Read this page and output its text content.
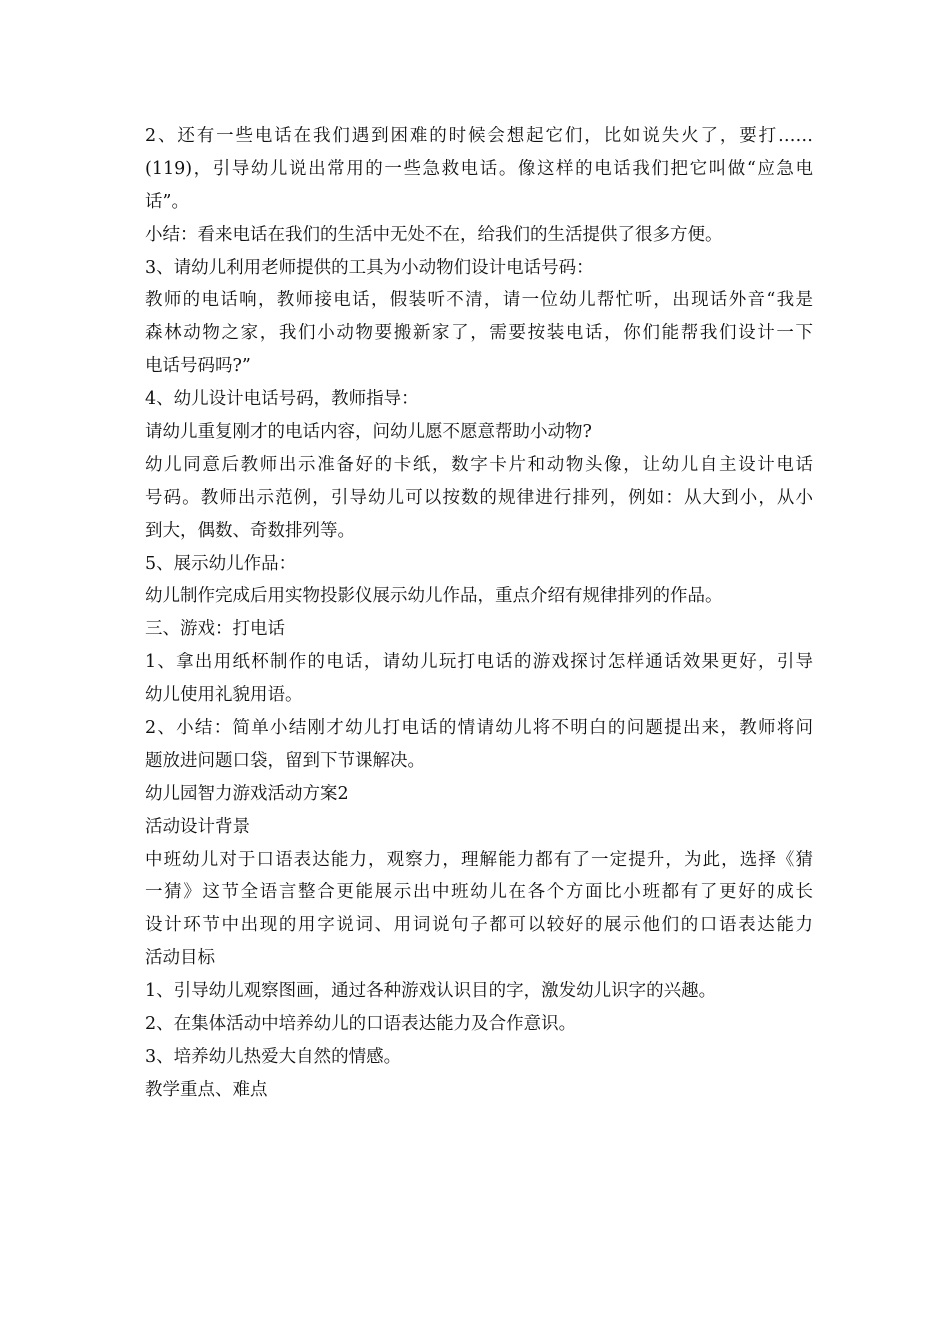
2、还有一些电话在我们遇到困难的时候会想起它们，比如说失火了，要打……
(119)，引导幼儿说出常用的一些急救电话。像这样的电话我们把它叫做“应急电
话”。
小结：看来电话在我们的生活中无处不在，给我们的生活提供了很多方便。
3、请幼儿利用老师提供的工具为小动物们设计电话号码：
教师的电话响，教师接电话，假装听不清，请一位幼儿帮忙听，出现话外音“我是
森林动物之家，我们小动物要搬新家了，需要按装电话，你们能帮我们设计一下
电话号码吗?”
4、幼儿设计电话号码，教师指导：
请幼儿重复刚才的电话内容，问幼儿愿不愿意帮助小动物?
幼儿同意后教师出示准备好的卡纸，数字卡片和动物头像，让幼儿自主设计电话
号码。教师出示范例，引导幼儿可以按数的规律进行排列，例如：从大到小，从小
到大，偶数、奇数排列等。
5、展示幼儿作品：
幼儿制作完成后用实物投影仪展示幼儿作品，重点介绍有规律排列的作品。
三、游戏：打电话
1、拿出用纸杯制作的电话，请幼儿玩打电话的游戏探讨怎样通话效果更好，引导
幼儿使用礼貌用语。
2、小结：简单小结刚才幼儿打电话的情请幼儿将不明白的问题提出来，教师将问
题放进问题口袋，留到下节课解决。
幼儿园智力游戏活动方案2
活动设计背景
中班幼儿对于口语表达能力，观察力，理解能力都有了一定提升，为此，选择《猜
一猜》这节全语言整合更能展示出中班幼儿在各个方面比小班都有了更好的成长
设计环节中出现的用字说词、用词说句子都可以较好的展示他们的口语表达能力
活动目标
1、引导幼儿观察图画，通过各种游戏认识目的字，激发幼儿识字的兴趣。
2、在集体活动中培养幼儿的口语表达能力及合作意识。
3、培养幼儿热爱大自然的情感。
教学重点、难点
